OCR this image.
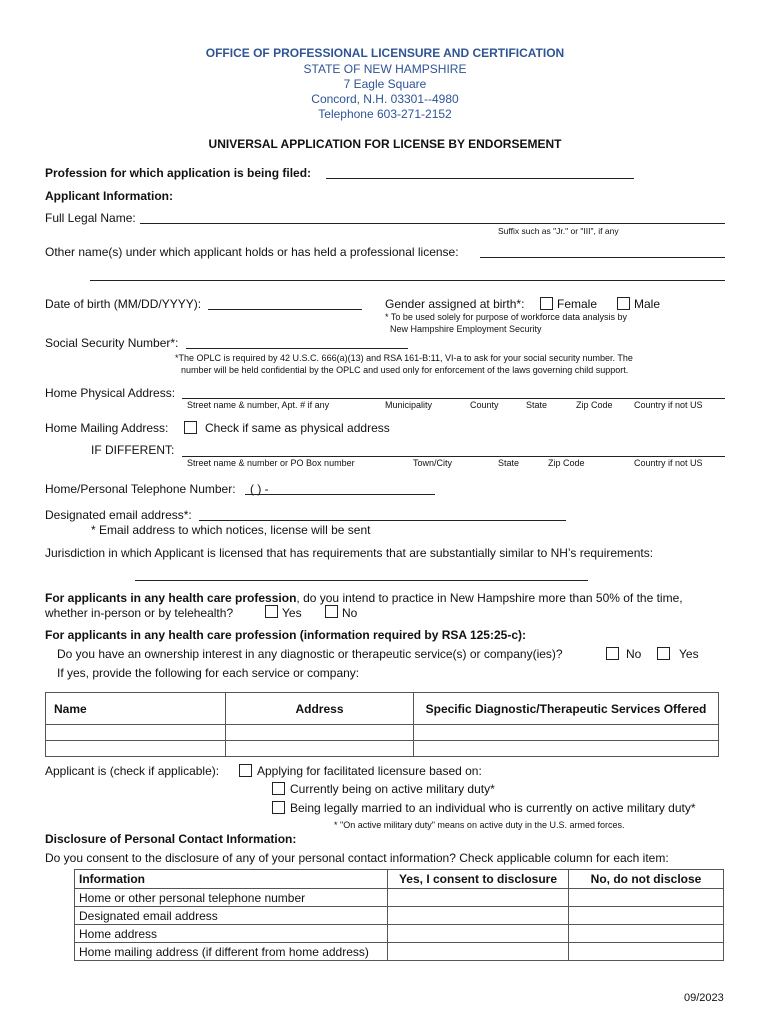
OFFICE OF PROFESSIONAL LICENSURE AND CERTIFICATION
STATE OF NEW HAMPSHIRE
7 Eagle Square
Concord, N.H. 03301--4980
Telephone 603-271-2152
UNIVERSAL APPLICATION FOR LICENSE BY ENDORSEMENT
Profession for which application is being filed:
Applicant Information:
Full Legal Name:
Suffix such as "Jr." or "III", if any
Other name(s) under which applicant holds or has held a professional license:
Date of birth (MM/DD/YYYY):	Gender assigned at birth*:	Female	Male
* To be used solely for purpose of workforce data analysis by
New Hampshire Employment Security
Social Security Number*:
*The OPLC is required by 42 U.S.C. 666(a)(13) and RSA 161-B:11, VI-a to ask for your social security number. The
number will be held confidential by the OPLC and used only for enforcement of the laws governing child support.
Home Physical Address:
Street name & number, Apt. # if any	Municipality	County	State	Zip Code Country if not US
Home Mailing Address:	Check if same as physical address
IF DIFFERENT:
Street name & number or PO Box number	Town/City	State	Zip Code	Country if not US
Home/Personal Telephone Number: ( ) -
Designated email address*:
* Email address to which notices, license will be sent
Jurisdiction in which Applicant is licensed that has requirements that are substantially similar to NH’s requirements:
For applicants in any health care profession, do you intend to practice in New Hampshire more than 50% of the time,
whether in-person or by telehealth?	Yes	No
For applicants in any health care profession (information required by RSA 125:25-c):
Do you have an ownership interest in any diagnostic or therapeutic service(s) or company(ies)?	No	Yes
If yes, provide the following for each service or company:
Name	Address	Specific Diagnostic/Therapeutic Services Offered

Applicant is (check if applicable):	Applying for facilitated licensure based on:
Currently being on active military duty*
Being legally married to an individual who is currently on active military duty*
* "On active military duty" means on active duty in the U.S. armed forces.
Disclosure of Personal Contact Information:
Do you consent to the disclosure of any of your personal contact information? Check applicable column for each item:
Information	Yes, I consent to disclosure	No, do not disclose
Home or other personal telephone number		
Designated email address		
Home address		
Home mailing address (if different from home address)		
09/2023
